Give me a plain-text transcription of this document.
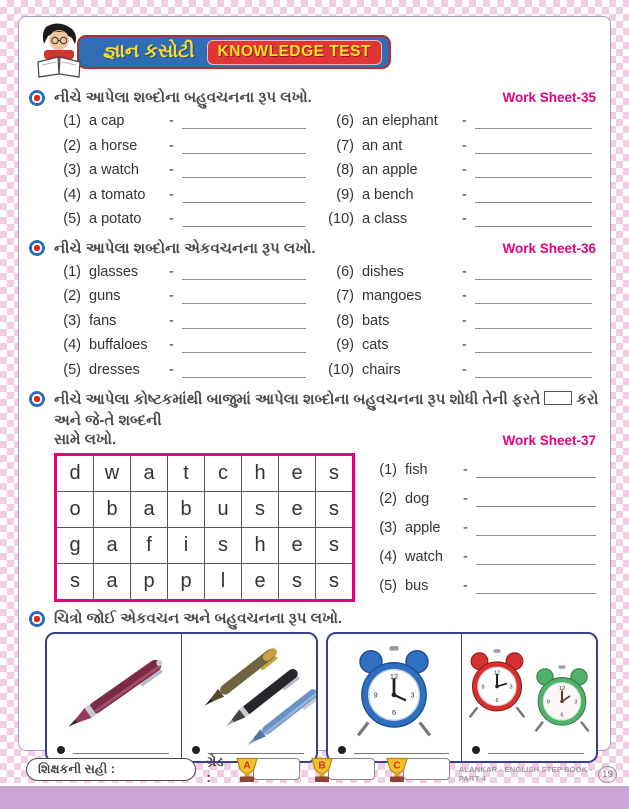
જ્ઞાન કસોટી	KNOWLEDGE TEST
નીચે આપેલા શબ્દોના બહુવચનના રૂપ લખો.	Work Sheet-35
(1) a cap	-
(2) a horse	-
(3) a watch	-
(4) a tomato	-
(5) a potato	-
(6) an elephant	-
(7) an ant	-
(8) an apple	-
(9) a bench	-
(10) a class	-
નીચે આપેલા શબ્દોના એકવચનના રૂપ લખો.	Work Sheet-36
(1) glasses	-
(2) guns	-
(3) fans	-
(4) buffaloes	-
(5) dresses	-
(6) dishes	-
(7) mangoes	-
(8) bats	-
(9) cats	-
(10) chairs	-
નીચે આપેલા કોષ્ટકમાંથી બાજુમાં આપેલા શબ્દોના બહુવચનના રૂપ શોધી તેની ફરતે કરો અને જે-તે શબ્દની
સામે લખો.	Work Sheet-37
d	w	a	t	c	h	e	s
o	b	a	b	u	s	e	s
g	a	f	i	s	h	e	s
s	a	p	p	l	e	s	s
(1) fish	-
(2) dog	-
(3) apple	-
(4) watch	-
(5) bus	-
ચિત્રો જોઈ એકવચન અને બહુવચનના રૂપ લખો.
12
3
6
9
12
3
6
9	12
3
6
9
શિક્ષકની સહી :	ગ્રેડ :
A	B	C	ALANKAR - ENGLISH STEP BOOK - PART 4	19
